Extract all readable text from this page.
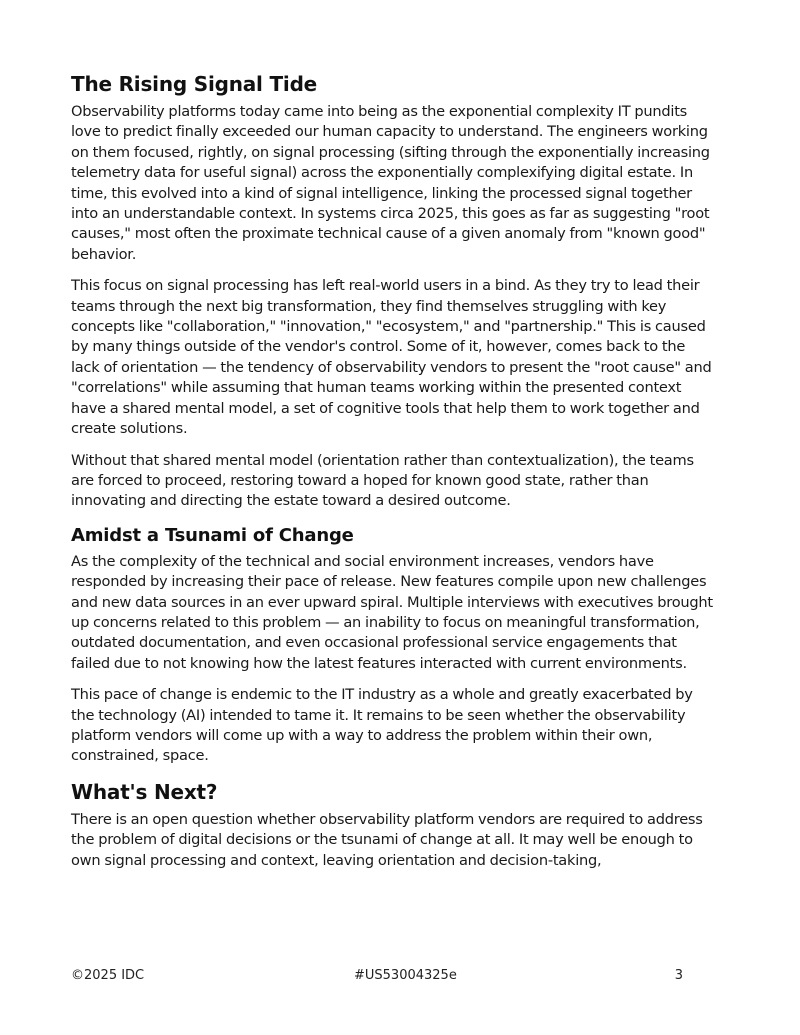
The Rising Signal Tide

Observability platforms today came into being as the exponential complexity IT pundits love to predict finally exceeded our human capacity to understand. The engineers working on them focused, rightly, on signal processing (sifting through the exponentially increasing telemetry data for useful signal) across the exponentially complexifying digital estate. In time, this evolved into a kind of signal intelligence, linking the processed signal together into an understandable context. In systems circa 2025, this goes as far as suggesting "root causes," most often the proximate technical cause of a given anomaly from "known good" behavior.

This focus on signal processing has left real-world users in a bind. As they try to lead their teams through the next big transformation, they find themselves struggling with key concepts like "collaboration," "innovation," "ecosystem," and "partnership." This is caused by many things outside of the vendor's control. Some of it, however, comes back to the lack of orientation — the tendency of observability vendors to present the "root cause" and "correlations" while assuming that human teams working within the presented context have a shared mental model, a set of cognitive tools that help them to work together and create solutions.

Without that shared mental model (orientation rather than contextualization), the teams are forced to proceed, restoring toward a hoped for known good state, rather than innovating and directing the estate toward a desired outcome.

Amidst a Tsunami of Change

As the complexity of the technical and social environment increases, vendors have responded by increasing their pace of release. New features compile upon new challenges and new data sources in an ever upward spiral. Multiple interviews with executives brought up concerns related to this problem — an inability to focus on meaningful transformation, outdated documentation, and even occasional professional service engagements that failed due to not knowing how the latest features interacted with current environments.

This pace of change is endemic to the IT industry as a whole and greatly exacerbated by the technology (AI) intended to tame it. It remains to be seen whether the observability platform vendors will come up with a way to address the problem within their own, constrained, space.

What's Next?

There is an open question whether observability platform vendors are required to address the problem of digital decisions or the tsunami of change at all. It may well be enough to own signal processing and context, leaving orientation and decision-taking,

©2025 IDC	#US53004325e	3
